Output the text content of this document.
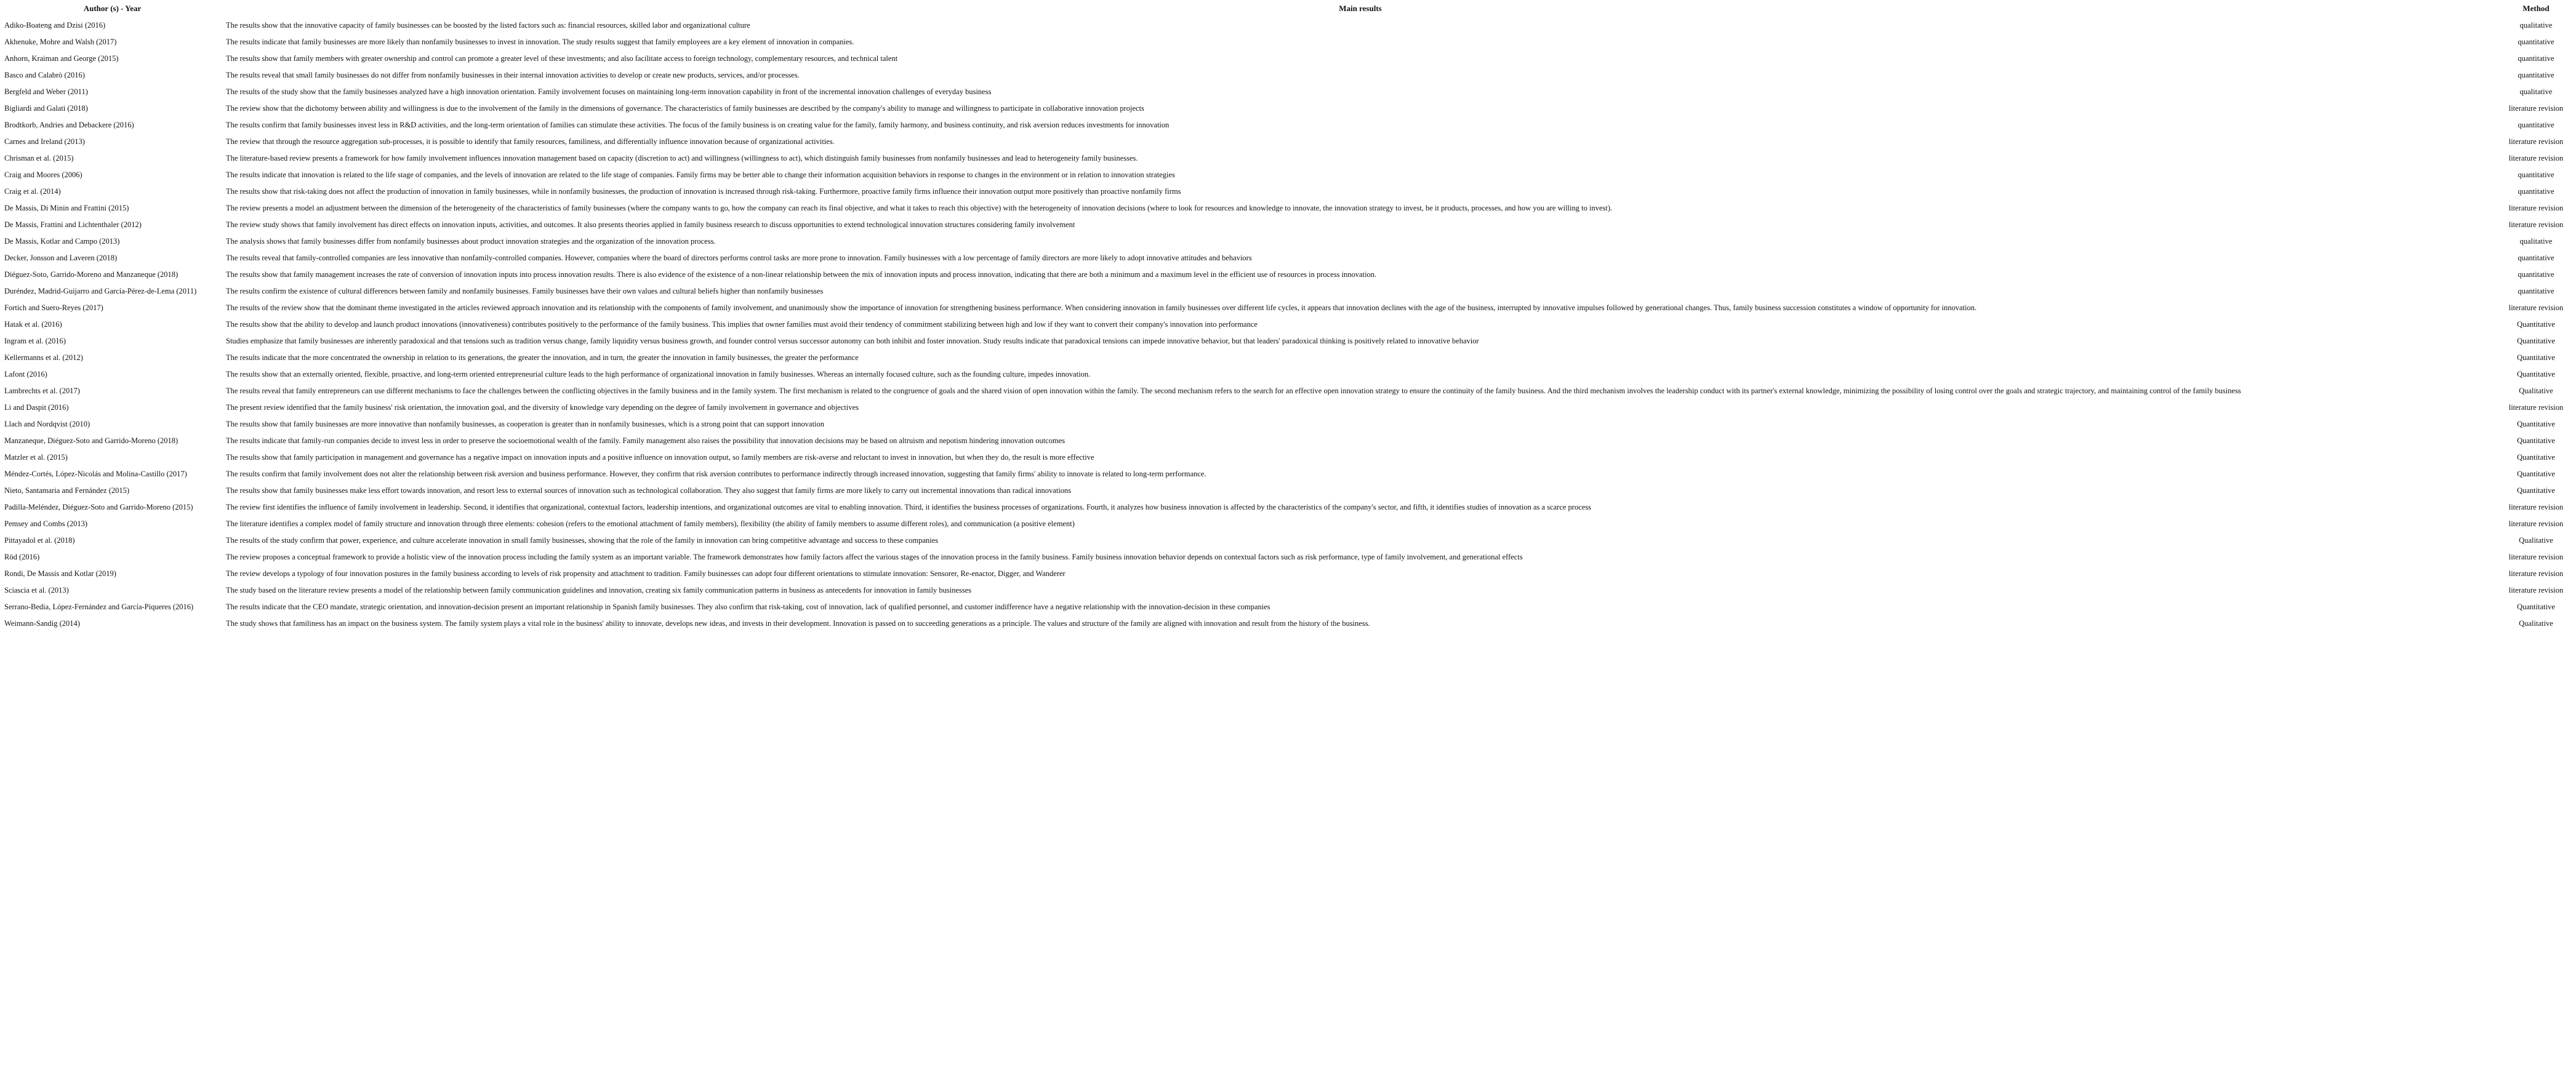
Author (s) - Year	Main results	Method
Adiko-Boateng and Dzisi (2016)	The results show that the innovative capacity of family businesses can be boosted by the listed factors such as: financial resources, skilled labor and organizational culture	qualitative
Akhenuke, Mohre and Walsh (2017)	The results indicate that family businesses are more likely than nonfamily businesses to invest in innovation. The study results suggest that family employees are a key element of innovation in companies.	quantitative
Anhorn, Kraiman and George (2015)	The results show that family members with greater ownership and control can promote a greater level of these investments; and also facilitate access to foreign technology, complementary resources, and technical talent	quantitative
Basco and Calabrò (2016)	The results reveal that small family businesses do not differ from nonfamily businesses in their internal innovation activities to develop or create new products, services, and/or processes.	quantitative
Bergfeld and Weber (2011)	The results of the study show that the family businesses analyzed have a high innovation orientation. Family involvement focuses on maintaining long-term innovation capability in front of the incremental innovation challenges of everyday business	qualitative
Bigliardi and Galati (2018)	The review show that the dichotomy between ability and willingness is due to the involvement of the family in the dimensions of governance. The characteristics of family businesses are described by the company's ability to manage and willingness to participate in collaborative innovation projects	literature revision
Brodtkorb, Andries and Debackere (2016)	The results confirm that family businesses invest less in R&D activities, and the long-term orientation of families can stimulate these activities. The focus of the family business is on creating value for the family, family harmony, and business continuity, and risk aversion reduces investments for innovation	quantitative
Carnes and Ireland (2013)	The review that through the resource aggregation sub-processes, it is possible to identify that family resources, familiness, and differentially influence innovation because of organizational activities.	literature revision
Chrisman et al. (2015)	The literature-based review presents a framework for how family involvement influences innovation management based on capacity (discretion to act) and willingness (willingness to act), which distinguish family businesses from nonfamily businesses and lead to heterogeneity family businesses.	literature revision
Craig and Moores (2006)	The results indicate that innovation is related to the life stage of companies, and the levels of innovation are related to the life stage of companies. Family firms may be better able to change their information acquisition behaviors in response to changes in the environment or in relation to innovation strategies	quantitative
Craig et al. (2014)	The results show that risk-taking does not affect the production of innovation in family businesses, while in nonfamily businesses, the production of innovation is increased through risk-taking. Furthermore, proactive family firms influence their innovation output more positively than proactive nonfamily firms	quantitative
De Massis, Di Minin and Frattini (2015)	The review presents a model an adjustment between the dimension of the heterogeneity of the characteristics of family businesses (where the company wants to go, how the company can reach its final objective, and what it takes to reach this objective) with the heterogeneity of innovation decisions (where to look for resources and knowledge to innovate, the innovation strategy to invest, be it products, processes, and how you are willing to invest).	literature revision
De Massis, Frattini and Lichtenthaler (2012)	The review study shows that family involvement has direct effects on innovation inputs, activities, and outcomes. It also presents theories applied in family business research to discuss opportunities to extend technological innovation structures considering family involvement	literature revision
De Massis, Kotlar and Campo (2013)	The analysis shows that family businesses differ from nonfamily businesses about product innovation strategies and the organization of the innovation process.	qualitative
Decker, Jonsson and Laveren (2018)	The results reveal that family-controlled companies are less innovative than nonfamily-controlled companies. However, companies where the board of directors performs control tasks are more prone to innovation. Family businesses with a low percentage of family directors are more likely to adopt innovative attitudes and behaviors	quantitative
Diéguez-Soto, Garrido-Moreno and Manzaneque (2018)	The results show that family management increases the rate of conversion of innovation inputs into process innovation results. There is also evidence of the existence of a non-linear relationship between the mix of innovation inputs and process innovation, indicating that there are both a minimum and a maximum level in the efficient use of resources in process innovation.	quantitative
Duréndez, Madrid-Guijarro and García-Pérez-de-Lema (2011)	The results confirm the existence of cultural differences between family and nonfamily businesses. Family businesses have their own values and cultural beliefs higher than nonfamily businesses	quantitative
Fortich and Suero-Reyes (2017)	The results of the review show that the dominant theme investigated in the articles reviewed approach innovation and its relationship with the components of family involvement, and unanimously show the importance of innovation for strengthening business performance. When considering innovation in family businesses over different life cycles, it appears that innovation declines with the age of the business, interrupted by innovative impulses followed by generational changes. Thus, family business succession constitutes a window of opportunity for innovation.	literature revision
Hatak et al. (2016)	The results show that the ability to develop and launch product innovations (innovativeness) contributes positively to the performance of the family business. This implies that owner families must avoid their tendency of commitment stabilizing between high and low if they want to convert their company's innovation into performance	Quantitative
Ingram et al. (2016)	Studies emphasize that family businesses are inherently paradoxical and that tensions such as tradition versus change, family liquidity versus business growth, and founder control versus successor autonomy can both inhibit and foster innovation. Study results indicate that paradoxical tensions can impede innovative behavior, but that leaders' paradoxical thinking is positively related to innovative behavior	Quantitative
Kellermanns et al. (2012)	The results indicate that the more concentrated the ownership in relation to its generations, the greater the innovation, and in turn, the greater the innovation in family businesses, the greater the performance	Quantitative
Lafont (2016)	The results show that an externally oriented, flexible, proactive, and long-term oriented entrepreneurial culture leads to the high performance of organizational innovation in family businesses. Whereas an internally focused culture, such as the founding culture, impedes innovation.	Quantitative
Lambrechts et al. (2017)	The results reveal that family entrepreneurs can use different mechanisms to face the challenges between the conflicting objectives in the family business and in the family system. The first mechanism is related to the congruence of goals and the shared vision of open innovation within the family. The second mechanism refers to the search for an effective open innovation strategy to ensure the continuity of the family business. And the third mechanism involves the leadership conduct with its partner's external knowledge, minimizing the possibility of losing control over the goals and strategic trajectory, and maintaining control of the family business	Qualitative
Li and Daspit (2016)	The present review identified that the family business' risk orientation, the innovation goal, and the diversity of knowledge vary depending on the degree of family involvement in governance and objectives	literature revision
Llach and Nordqvist (2010)	The results show that family businesses are more innovative than nonfamily businesses, as cooperation is greater than in nonfamily businesses, which is a strong point that can support innovation	Quantitative
Manzaneque, Diéguez-Soto and Garrido-Moreno (2018)	The results indicate that family-run companies decide to invest less in order to preserve the socioemotional wealth of the family. Family management also raises the possibility that innovation decisions may be based on altruism and nepotism hindering innovation outcomes	Quantitative
Matzler et al. (2015)	The results show that family participation in management and governance has a negative impact on innovation inputs and a positive influence on innovation output, so family members are risk-averse and reluctant to invest in innovation, but when they do, the result is more effective	Quantitative
Méndez-Cortés, López-Nicolás and Molina-Castillo (2017)	The results confirm that family involvement does not alter the relationship between risk aversion and business performance. However, they confirm that risk aversion contributes to performance indirectly through increased innovation, suggesting that family firms' ability to innovate is related to long-term performance.	Quantitative
Nieto, Santamaria and Fernández (2015)	The results show that family businesses make less effort towards innovation, and resort less to external sources of innovation such as technological collaboration. They also suggest that family firms are more likely to carry out incremental innovations than radical innovations	Quantitative
Padilla-Meléndez, Diéguez-Soto and Garrido-Moreno (2015)	The review first identifies the influence of family involvement in leadership. Second, it identifies that organizational, contextual factors, leadership intentions, and organizational outcomes are vital to enabling innovation. Third, it identifies the business processes of organizations. Fourth, it analyzes how business innovation is affected by the characteristics of the company's sector, and fifth, it identifies studies of innovation as a scarce process	literature revision
Pemsey and Combs (2013)	The literature identifies a complex model of family structure and innovation through three elements: cohesion (refers to the emotional attachment of family members), flexibility (the ability of family members to assume different roles), and communication (a positive element)	literature revision
Pittayadol et al. (2018)	The results of the study confirm that power, experience, and culture accelerate innovation in small family businesses, showing that the role of the family in innovation can bring competitive advantage and success to these companies	Qualitative
Röd (2016)	The review proposes a conceptual framework to provide a holistic view of the innovation process including the family system as an important variable. The framework demonstrates how family factors affect the various stages of the innovation process in the family business. Family business innovation behavior depends on contextual factors such as risk performance, type of family involvement, and generational effects	literature revision
Rondi, De Massis and Kotlar (2019)	The review develops a typology of four innovation postures in the family business according to levels of risk propensity and attachment to tradition. Family businesses can adopt four different orientations to stimulate innovation: Sensorer, Re-enactor, Digger, and Wanderer	literature revision
Sciascia et al. (2013)	The study based on the literature review presents a model of the relationship between family communication guidelines and innovation, creating six family communication patterns in business as antecedents for innovation in family businesses	literature revision
Serrano-Bedia, López-Fernández and García-Piqueres (2016)	The results indicate that the CEO mandate, strategic orientation, and innovation-decision present an important relationship in Spanish family businesses. They also confirm that risk-taking, cost of innovation, lack of qualified personnel, and customer indifference have a negative relationship with the innovation-decision in these companies	Quantitative
Weimann-Sandig (2014)	The study shows that familiness has an impact on the business system. The family system plays a vital role in the business' ability to innovate, develops new ideas, and invests in their development. Innovation is passed on to succeeding generations as a principle. The values and structure of the family are aligned with innovation and result from the history of the business.	Qualitative
